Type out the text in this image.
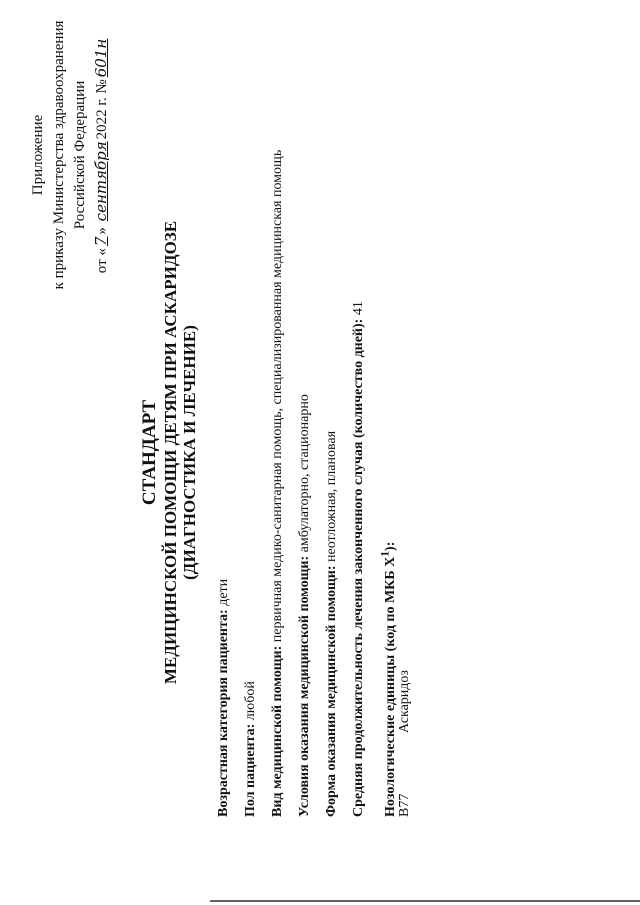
Приложение к приказу Министерства здравоохранения Российской Федерации
от «7» сентября2022 г. №601н
СТАНДАРТ МЕДИЦИНСКОЙ ПОМОЩИ ДЕТЯМ ПРИ АСКАРИДОЗЕ (ДИАГНОСТИКА И ЛЕЧЕНИЕ)
Возрастная категория пациента: дети
Пол пациента: любой Вид медицинской помощи: первичная медико-санитарная помощь, специализированная медицинская помощь
Условия оказания медицинской помощи: амбулаторно, стационарно
Форма оказания медицинской помощи: неотложная, плановая Средняя продолжительность лечения законченного случая (количество дней): 41
Нозологические единицы (код по МКБ $X^1$):
B77Аскаридоз
